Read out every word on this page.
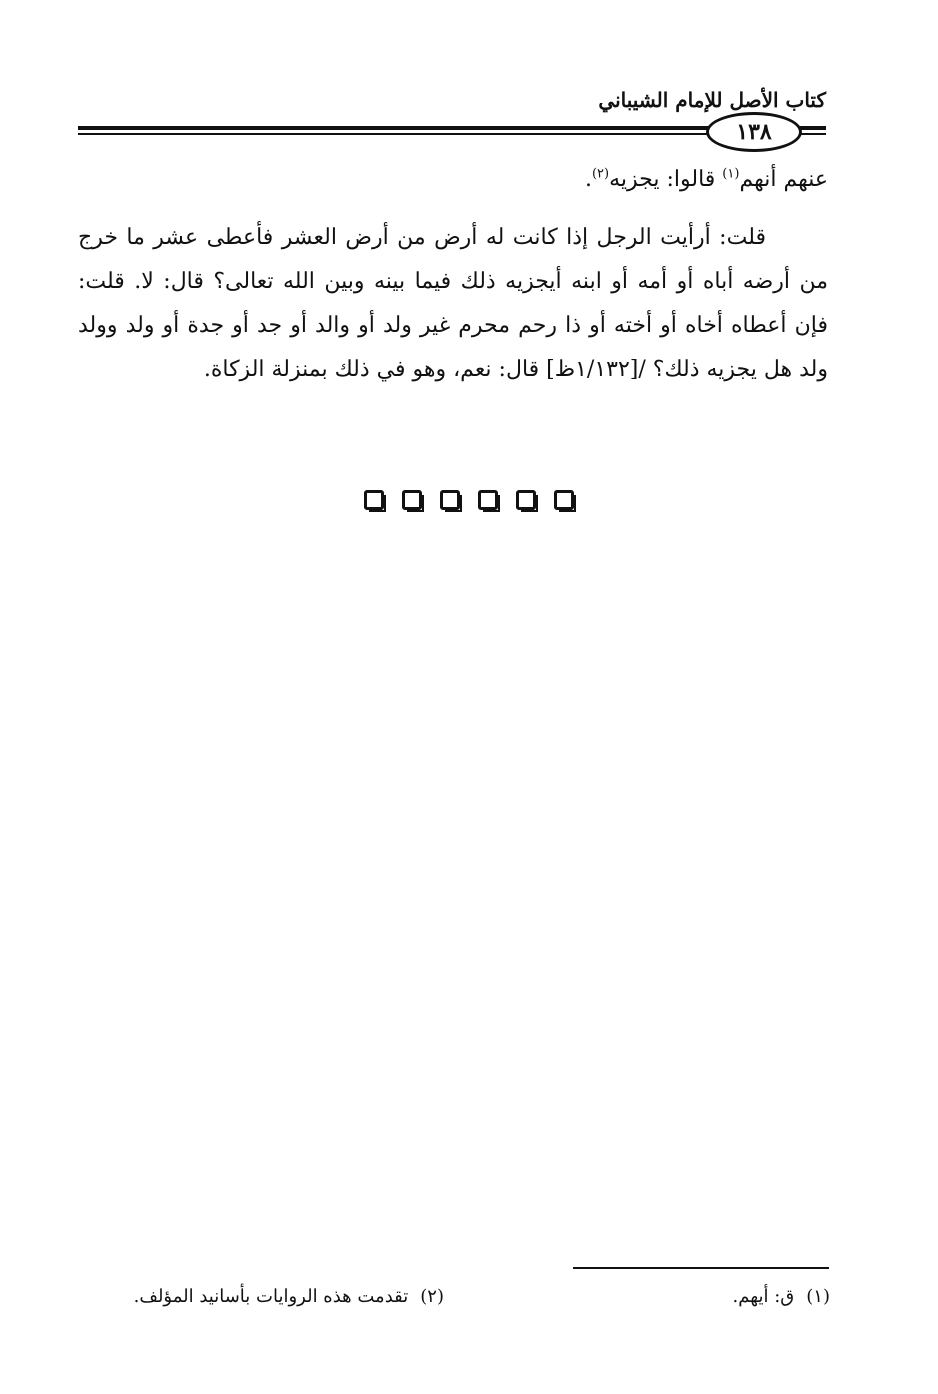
كتاب الأصل للإمام الشيباني
١٣٨

عنهم أنهم$^{(١)}$ قالوا: يجزيه$^{(٢)}$.

قلت: أرأيت الرجل إذا كانت له أرض من أرض العشر فأعطى عشر ما خرج من أرضه أباه أو أمه أو ابنه أيجزيه ذلك فيما بينه وبين الله تعالى؟ قال: لا. قلت: فإن أعطاه أخاه أو أخته أو ذا رحم محرم غير ولد أو والد أو جد أو جدة أو ولد وولد ولد هل يجزيه ذلك؟ /[١/١٣٢ظ] قال: نعم، وهو في ذلك بمنزلة الزكاة.

(١)ق: أيهم.
(٢)تقدمت هذه الروايات بأسانيد المؤلف.
